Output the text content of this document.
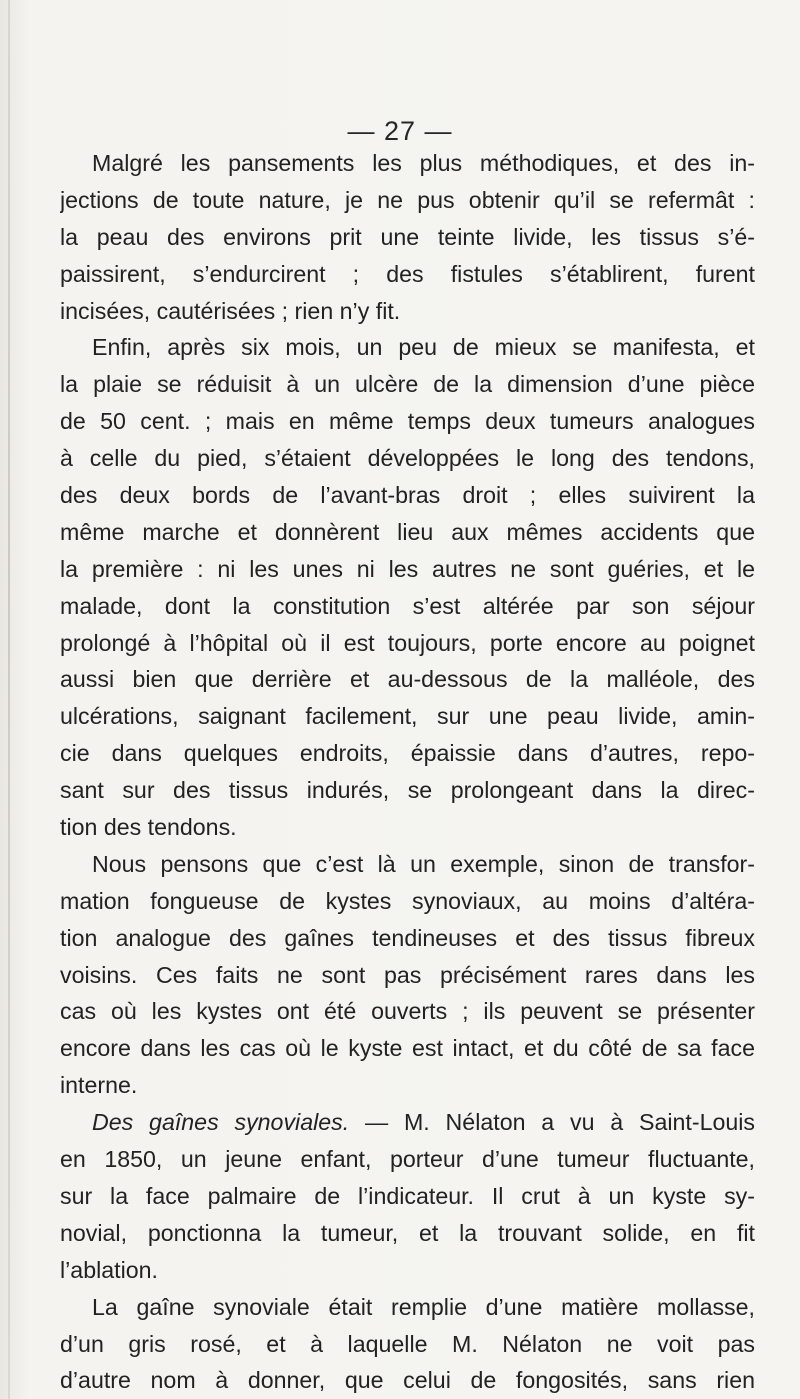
— 27 —
Malgré les pansements les plus méthodiques, et des in-
jections de toute nature, je ne pus obtenir qu’il se refermât :
la peau des environs prit une teinte livide, les tissus s’é-
paissirent, s’endurcirent ; des fistules s’établirent, furent
incisées, cautérisées ; rien n’y fit.
Enfin, après six mois, un peu de mieux se manifesta, et
la plaie se réduisit à un ulcère de la dimension d’une pièce
de 50 cent. ; mais en même temps deux tumeurs analogues
à celle du pied, s’étaient développées le long des tendons,
des deux bords de l’avant-bras droit ; elles suivirent la
même marche et donnèrent lieu aux mêmes accidents que
la première : ni les unes ni les autres ne sont guéries, et le
malade, dont la constitution s’est altérée par son séjour
prolongé à l’hôpital où il est toujours, porte encore au poignet
aussi bien que derrière et au-dessous de la malléole, des
ulcérations, saignant facilement, sur une peau livide, amin-
cie dans quelques endroits, épaissie dans d’autres, repo-
sant sur des tissus indurés, se prolongeant dans la direc-
tion des tendons.
Nous pensons que c’est là un exemple, sinon de transfor-
mation fongueuse de kystes synoviaux, au moins d’altéra-
tion analogue des gaînes tendineuses et des tissus fibreux
voisins. Ces faits ne sont pas précisément rares dans les
cas où les kystes ont été ouverts ; ils peuvent se présenter
encore dans les cas où le kyste est intact, et du côté de sa face
interne.
Des gaînes synoviales. — M. Nélaton a vu à Saint-Louis
en 1850, un jeune enfant, porteur d’une tumeur fluctuante,
sur la face palmaire de l’indicateur. Il crut à un kyste sy-
novial, ponctionna la tumeur, et la trouvant solide, en fit
l’ablation.
La gaîne synoviale était remplie d’une matière mollasse,
d’un gris rosé, et à laquelle M. Nélaton ne voit pas
d’autre nom à donner, que celui de fongosités, sans rien
